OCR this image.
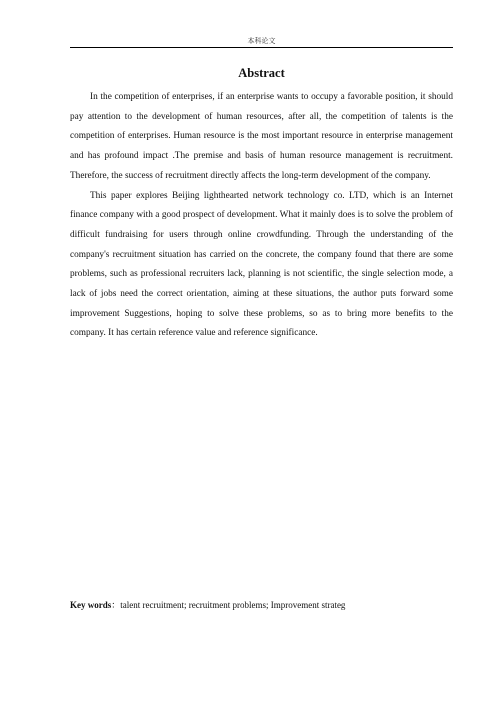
本科论文
Abstract

In the competition of enterprises, if an enterprise wants to occupy a favorable position, it should pay attention to the development of human resources, after all, the competition of talents is the competition of enterprises. Human resource is the most important resource in enterprise management and has profound impact .The premise and basis of human resource management is recruitment. Therefore, the success of recruitment directly affects the long-term development of the company.

This paper explores Beijing lighthearted network technology co. LTD, which is an Internet finance company with a good prospect of development. What it mainly does is to solve the problem of difficult fundraising for users through online crowdfunding. Through the understanding of the company's recruitment situation has carried on the concrete, the company found that there are some problems, such as professional recruiters lack, planning is not scientific, the single selection mode, a lack of jobs need the correct orientation, aiming at these situations, the author puts forward some improvement Suggestions, hoping to solve these problems, so as to bring more benefits to the company. It has certain reference value and reference significance.

Key words：talent recruitment; recruitment problems; Improvement strateg
